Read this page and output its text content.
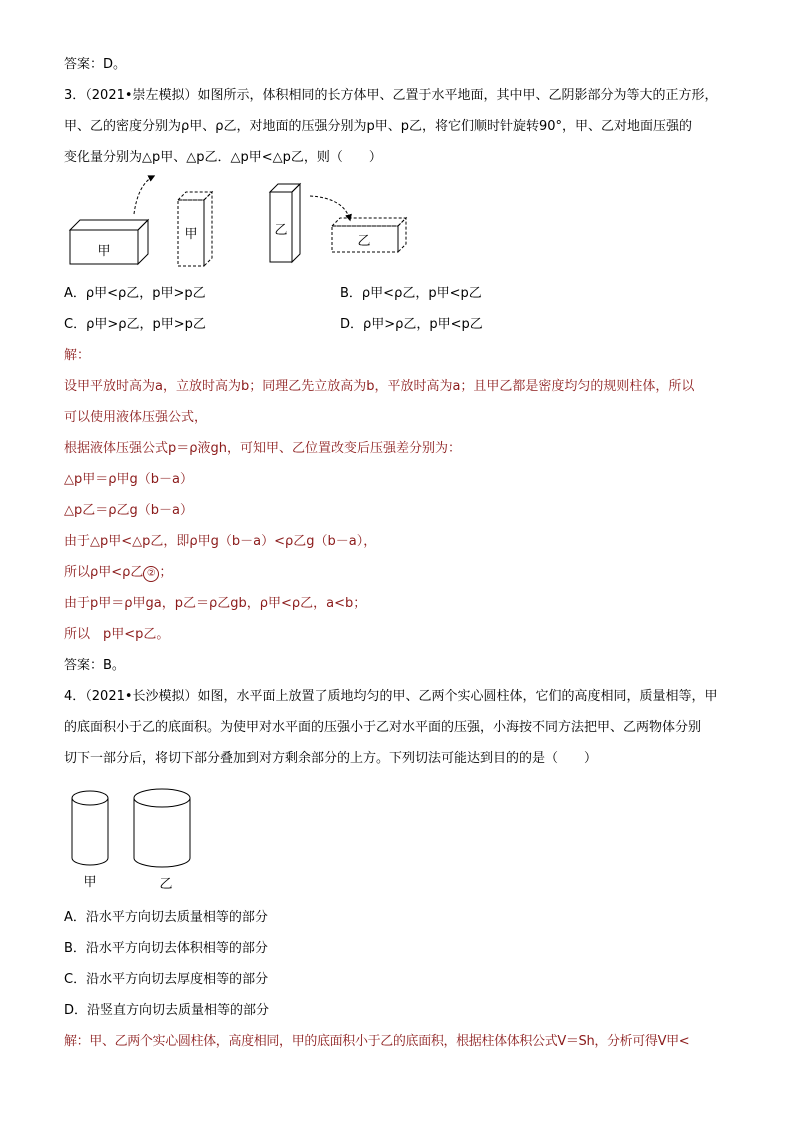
答案：D。
3．（2021•崇左模拟）如图所示，体积相同的长方体甲、乙置于水平地面，其中甲、乙阴影部分为等大的正方形，
甲、乙的密度分别为ρ甲、ρ乙，对地面的压强分别为p甲、p乙，将它们顺时针旋转90°，甲、乙对地面压强的
变化量分别为△p甲、△p乙．△p甲<△p乙，则（　　）
甲
甲	乙
乙
A．ρ甲<ρ乙，p甲>p乙	B．ρ甲<ρ乙，p甲<p乙
C．ρ甲>ρ乙，p甲>p乙	D．ρ甲>ρ乙，p甲<p乙
解：
设甲平放时高为a，立放时高为b；同理乙先立放高为b，平放时高为a；且甲乙都是密度均匀的规则柱体，所以
可以使用液体压强公式，
根据液体压强公式p＝ρ液gh，可知甲、乙位置改变后压强差分别为：
△p甲＝ρ甲g（b－a）
△p乙＝ρ乙g（b－a）
由于△p甲<△p乙，即ρ甲g（b－a）<ρ乙g（b－a），
所以ρ甲<ρ乙 ② ；
由于p甲＝ρ甲ga，p乙＝ρ乙gb，ρ甲<ρ乙，a<b；
所以　p甲<p乙。
答案：B。
4．（2021•长沙模拟）如图，水平面上放置了质地均匀的甲、乙两个实心圆柱体，它们的高度相同，质量相等，甲
的底面积小于乙的底面积。为使甲对水平面的压强小于乙对水平面的压强，小海按不同方法把甲、乙两物体分别
切下一部分后，将切下部分叠加到对方剩余部分的上方。下列切法可能达到目的的是（　　）
甲	乙
A．沿水平方向切去质量相等的部分
B．沿水平方向切去体积相等的部分
C．沿水平方向切去厚度相等的部分
D．沿竖直方向切去质量相等的部分
解：甲、乙两个实心圆柱体，高度相同，甲的底面积小于乙的底面积，根据柱体体积公式V＝Sh，分析可得V甲<
